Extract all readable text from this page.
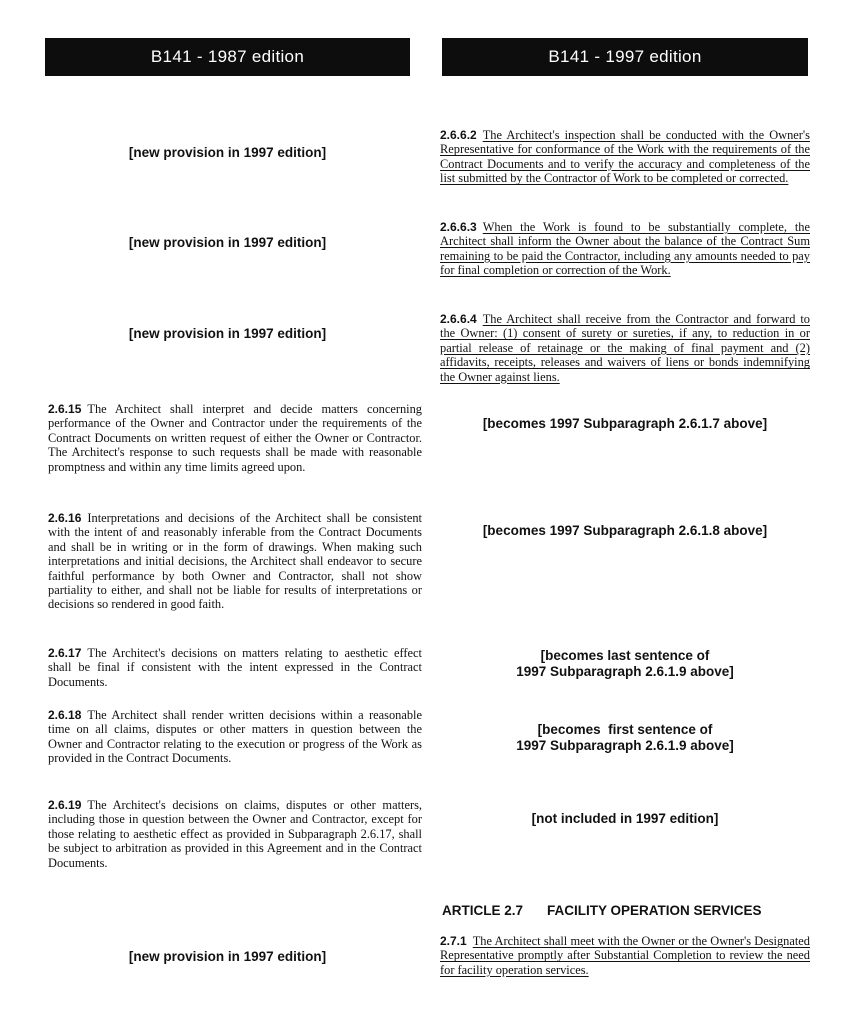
B141 - 1987 edition	B141 - 1997 edition
[new provision in 1997 edition]
[new provision in 1997 edition]
[new provision in 1997 edition]
[new provision in 1997 edition]
2.6.15 The Architect shall interpret and decide matters concerning performance of the Owner and Contractor under the requirements of the Contract Documents on written request of either the Owner or Contractor. The Architect's response to such requests shall be made with reasonable promptness and within any time limits agreed upon.
2.6.16 Interpretations and decisions of the Architect shall be consistent with the intent of and reasonably inferable from the Contract Documents and shall be in writing or in the form of drawings. When making such interpretations and initial decisions, the Architect shall endeavor to secure faithful performance by both Owner and Contractor, shall not show partiality to either, and shall not be liable for results of interpretations or decisions so rendered in good faith.
2.6.17 The Architect's decisions on matters relating to aesthetic effect shall be final if consistent with the intent expressed in the Contract Documents.
2.6.18 The Architect shall render written decisions within a reasonable time on all claims, disputes or other matters in question between the Owner and Contractor relating to the execution or progress of the Work as provided in the Contract Documents.
2.6.19 The Architect's decisions on claims, disputes or other matters, including those in question between the Owner and Contractor, except for those relating to aesthetic effect as provided in Subparagraph 2.6.17, shall be subject to arbitration as provided in this Agreement and in the Contract Documents.
2.6.6.2 The Architect's inspection shall be conducted with the Owner's Representative for conformance of the Work with the requirements of the Contract Documents and to verify the accuracy and completeness of the list submitted by the Contractor of Work to be completed or corrected.
2.6.6.3 When the Work is found to be substantially complete, the Architect shall inform the Owner about the balance of the Contract Sum remaining to be paid the Contractor, including any amounts needed to pay for final completion or correction of the Work.
2.6.6.4 The Architect shall receive from the Contractor and forward to the Owner: (1) consent of surety or sureties, if any, to reduction in or partial release of retainage or the making of final payment and (2) affidavits, receipts, releases and waivers of liens or bonds indemnifying the Owner against liens.
[becomes 1997 Subparagraph 2.6.1.7 above]
[becomes 1997 Subparagraph 2.6.1.8 above]
[becomes last sentence of
1997 Subparagraph 2.6.1.9 above]
[becomes  first sentence of
1997 Subparagraph 2.6.1.9 above]
[not included in 1997 edition]
ARTICLE 2.7 FACILITY OPERATION SERVICES
2.7.1 The Architect shall meet with the Owner or the Owner's Designated Representative promptly after Substantial Completion to review the need for facility operation services.
